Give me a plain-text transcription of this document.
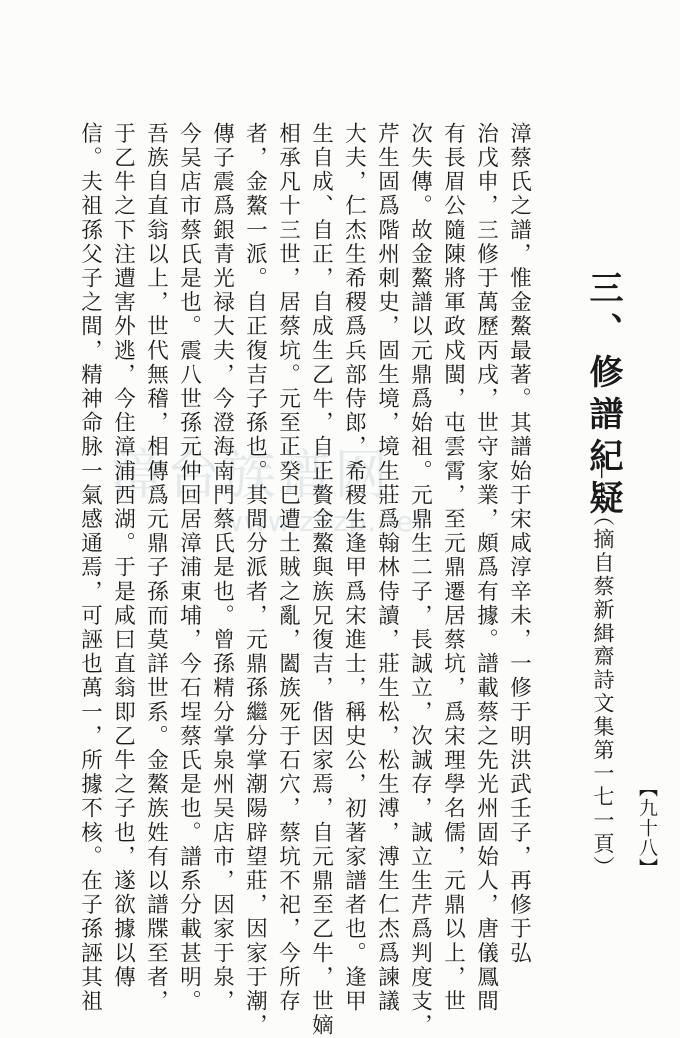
漳台族谱网
www.zTzp.net	三、修譜紀疑
——（摘自蔡新緝齋詩文集第一七一頁） 【九十八】
漳蔡氏之譜，惟金鰲最著。其譜始于宋咸淳辛未，一修于明洪武壬子，再修于弘
治戊申，三修于萬歷丙戌，世守家業，頗爲有據。譜載蔡之先光州固始人，唐儀鳳間
有長眉公隨陳將軍政戍閩，屯雲霄，至元鼎遷居蔡坑，爲宋理學名儒，元鼎以上，世
次失傳。故金鰲譜以元鼎爲始祖。元鼎生二子，長誠立，次誠存，誠立生芹爲判度支，
芹生固爲階州刺史，固生境，境生莊爲翰林侍讀，莊生松，松生溥，溥生仁杰爲諫議
大夫，仁杰生希稷爲兵部侍郎，希稷生逢甲爲宋進士，稱史公，初著家譜者也。逢甲
生自成、自正，自成生乙牛，自正贅金鰲與族兄復吉，偕因家焉，自元鼎至乙牛，世嫡
相承凡十三世，居蔡坑。元至正癸巳遭土賊之亂，闔族死于石穴，蔡坑不祀，今所存
者，金鰲一派。自正復吉子孫也。其間分派者，元鼎孫繼分掌潮陽辟望莊，因家于潮，
傳子震爲銀青光禄大夫，今澄海南門蔡氏是也。曾孫精分掌泉州吴店市，因家于泉，
今吴店市蔡氏是也。震八世孫元仲回居漳浦東埔，今石埕蔡氏是也。譜系分載甚明。
吾族自直翁以上，世代無稽，相傳爲元鼎子孫而莫詳世系。金鰲族姓有以譜牒至者，
于乙牛之下注遭害外逃，今住漳浦西湖。于是咸曰直翁即乙牛之子也，遂欲據以傳
信。夫祖孫父子之間，精神命脉一氣感通焉，可誣也萬一，所據不核。在子孫誣其祖
